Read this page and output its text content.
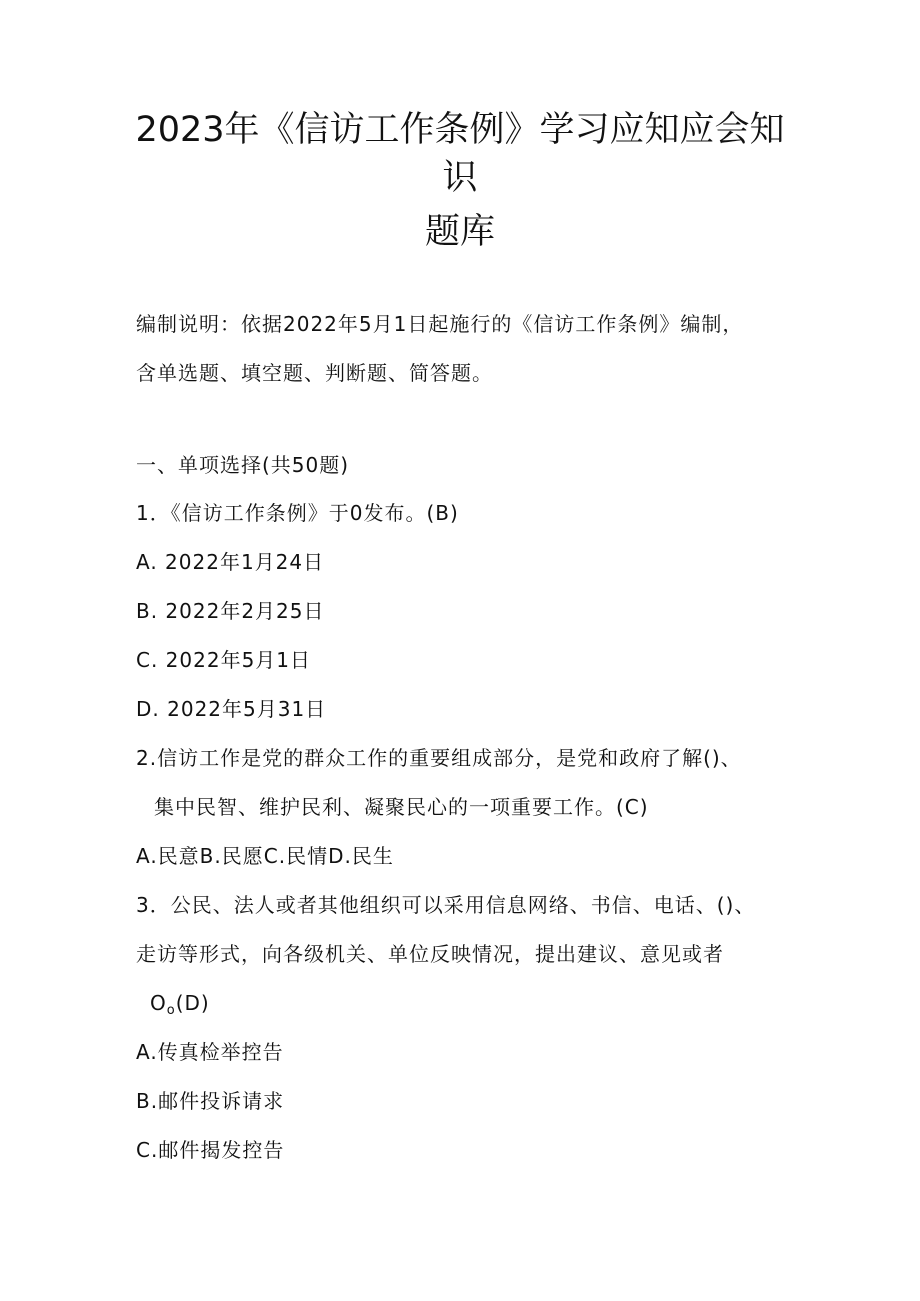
2023年《信访工作条例》学习应知应会知
识
题库
编制说明：依据2022年5月1日起施行的《信访工作条例》编制，
含单选题、填空题、判断题、简答题。
一、单项选择(共50题)
1．《信访工作条例》于0发布。(B)
A. 2022年1月24日
B. 2022年2月25日
C. 2022年5月1日
D. 2022年5月31日
2.信访工作是党的群众工作的重要组成部分，是党和政府了解()、
集中民智、维护民利、凝聚民心的一项重要工作。(C)
A.民意B.民愿C.民情D.民生
3．公民、法人或者其他组织可以采用信息网络、书信、电话、()、
走访等形式，向各级机关、单位反映情况，提出建议、意见或者
$O_o(D)$
A.传真检举控告
B.邮件投诉请求
C.邮件揭发控告
